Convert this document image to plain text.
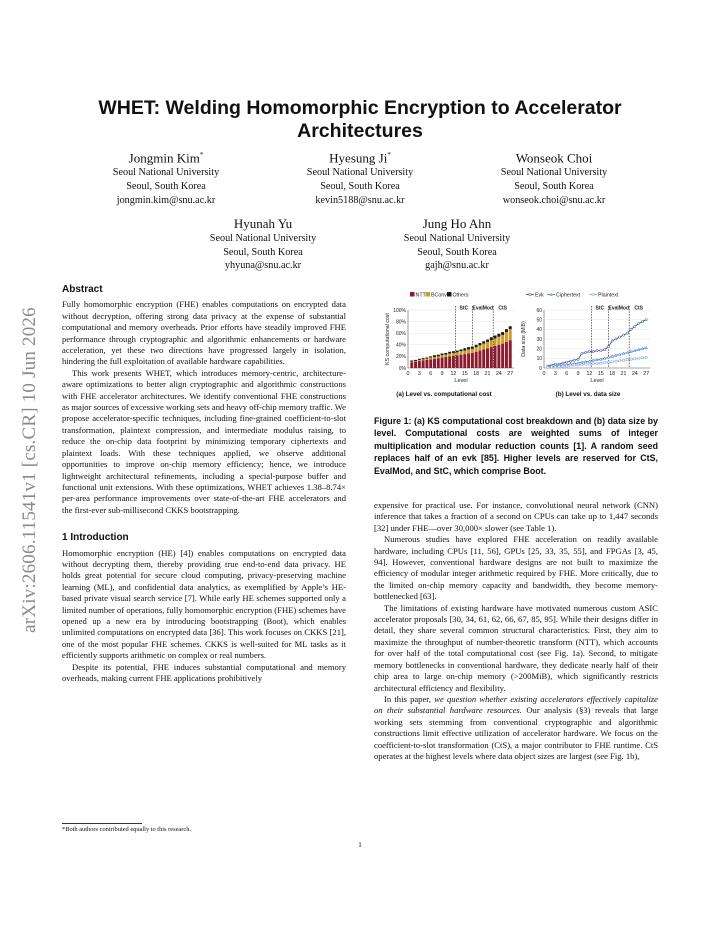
arXiv:2606.11541v1 [cs.CR] 10 Jun 2026
WHET: Welding Homomorphic Encryption to Accelerator Architectures
Jongmin Kim*
Seoul National University
Seoul, South Korea
jongmin.kim@snu.ac.kr
Hyesung Ji*
Seoul National University
Seoul, South Korea
kevin5188@snu.ac.kr
Wonseok Choi
Seoul National University
Seoul, South Korea
wonseok.choi@snu.ac.kr
Hyunah Yu
Seoul National University
Seoul, South Korea
yhyuna@snu.ac.kr
Jung Ho Ahn
Seoul National University
Seoul, South Korea
gajh@snu.ac.kr
Abstract

Fully homomorphic encryption (FHE) enables computations on encrypted data without decryption, offering strong data privacy at the expense of substantial computational and memory overheads. Prior efforts have steadily improved FHE performance through cryptographic and algorithmic enhancements or hardware acceleration, yet these two directions have progressed largely in isolation, hindering the full exploitation of available hardware capabilities.

This work presents WHET, which introduces memory-centric, architecture-aware optimizations to better align cryptographic and algorithmic constructions with FHE accelerator architectures. We identify conventional FHE constructions as major sources of excessive working sets and heavy off-chip memory traffic. We propose accelerator-specific techniques, including fine-grained coefficient-to-slot transformation, plaintext compression, and intermediate modulus raising, to reduce the on-chip data footprint by minimizing temporary ciphertexts and plaintext loads. With these techniques applied, we observe additional opportunities to improve on-chip memory efficiency; hence, we introduce lightweight architectural refinements, including a special-purpose buffer and functional unit extensions. With these optimizations, WHET achieves 1.38–8.74× per-area performance improvements over state-of-the-art FHE accelerators and the first-ever sub-millisecond CKKS bootstrapping.

1 Introduction

Homomorphic encryption (HE) [4]) enables computations on encrypted data without decrypting them, thereby providing true end-to-end data privacy. HE holds great potential for secure cloud computing, privacy-preserving machine learning (ML), and confidential data analytics, as exemplified by Apple’s HE-based private visual search service [7]. While early HE schemes supported only a limited number of operations, fully homomorphic encryption (FHE) schemes have opened up a new era by introducing bootstrapping (Boot), which enables unlimited computations on encrypted data [36]. This work focuses on CKKS [21], one of the most popular FHE schemes. CKKS is well-suited for ML tasks as it efficiently supports arithmetic on complex or real numbers.

Despite its potential, FHE induces substantial computational and memory overheads, making current FHE applications prohibitively

*Both authors contributed equally to this research.
1
0%
20%
40%
60%
80%
100%
0 3 6 9 12 15 18 21 24 27
Level
KS computational cost
StC EvalMod CtS
NTT BConv Others
0
10
20
30
40
50
60
0 3 6 9 12 15 18 21 24 27
Level
Data size (MiB)
StC EvalMod CtS
Evk Ciphertext	Plaintext
(a) Level vs. computational cost	(b) Level vs. data size
Figure 1: (a) KS computational cost breakdown and (b) data size by level. Computational costs are weighted sums of integer multiplication and modular reduction counts [1]. A random seed replaces half of an evk [85]. Higher levels are reserved for CtS, EvalMod, and StC, which comprise Boot.

expensive for practical use. For instance, convolutional neural network (CNN) inference that takes a fraction of a second on CPUs can take up to 1,447 seconds [32] under FHE—over 30,000× slower (see Table 1).

Numerous studies have explored FHE acceleration on readily available hardware, including CPUs [11, 56], GPUs [25, 33, 35, 55], and FPGAs [3, 45, 94]. However, conventional hardware designs are not built to maximize the efficiency of modular integer arithmetic required by FHE. More critically, due to the limited on-chip memory capacity and bandwidth, they become memory-bottlenecked [63].

The limitations of existing hardware have motivated numerous custom ASIC accelerator proposals [30, 34, 61, 62, 66, 67, 85, 95]. While their designs differ in detail, they share several common structural characteristics. First, they aim to maximize the throughput of number-theoretic transform (NTT), which accounts for over half of the total computational cost (see Fig. 1a). Second, to mitigate memory bottlenecks in conventional hardware, they dedicate nearly half of their chip area to large on-chip memory (>200MiB), which significantly restricts architectural efficiency and flexibility.

In this paper, we question whether existing accelerators effectively capitalize on their substantial hardware resources. Our analysis (§3) reveals that large working sets stemming from conventional cryptographic and algorithmic constructions limit effective utilization of accelerator hardware. We focus on the coefficient-to-slot transformation (CtS), a major contributor to FHE runtime. CtS operates at the highest levels where data object sizes are largest (see Fig. 1b),
